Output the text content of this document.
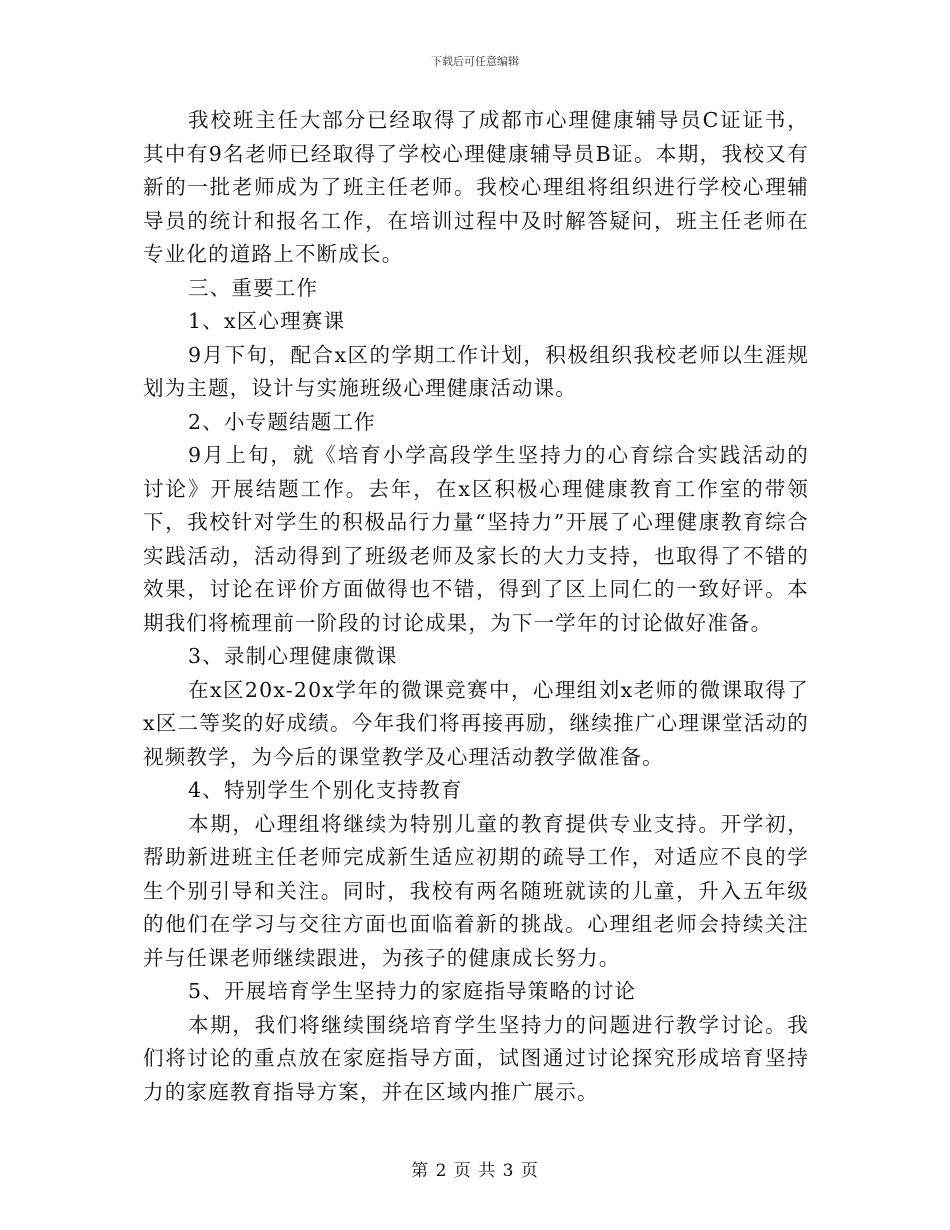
下载后可任意编辑

我校班主任大部分已经取得了成都市心理健康辅导员C证证书，其中有9名老师已经取得了学校心理健康辅导员B证。本期，我校又有新的一批老师成为了班主任老师。我校心理组将组织进行学校心理辅导员的统计和报名工作，在培训过程中及时解答疑问，班主任老师在专业化的道路上不断成长。

三、重要工作

1、x区心理赛课

9月下旬，配合x区的学期工作计划，积极组织我校老师以生涯规划为主题，设计与实施班级心理健康活动课。

2、小专题结题工作

9月上旬，就《培育小学高段学生坚持力的心育综合实践活动的讨论》开展结题工作。去年，在x区积极心理健康教育工作室的带领下，我校针对学生的积极品行力量“坚持力”开展了心理健康教育综合实践活动，活动得到了班级老师及家长的大力支持，也取得了不错的效果，讨论在评价方面做得也不错，得到了区上同仁的一致好评。本期我们将梳理前一阶段的讨论成果，为下一学年的讨论做好准备。

3、录制心理健康微课

在x区20x-20x学年的微课竞赛中，心理组刘x老师的微课取得了x区二等奖的好成绩。今年我们将再接再励，继续推广心理课堂活动的视频教学，为今后的课堂教学及心理活动教学做准备。

4、特别学生个别化支持教育

本期，心理组将继续为特别儿童的教育提供专业支持。开学初，帮助新进班主任老师完成新生适应初期的疏导工作，对适应不良的学生个别引导和关注。同时，我校有两名随班就读的儿童，升入五年级的他们在学习与交往方面也面临着新的挑战。心理组老师会持续关注并与任课老师继续跟进，为孩子的健康成长努力。

5、开展培育学生坚持力的家庭指导策略的讨论

本期，我们将继续围绕培育学生坚持力的问题进行教学讨论。我们将讨论的重点放在家庭指导方面，试图通过讨论探究形成培育坚持力的家庭教育指导方案，并在区域内推广展示。

第 2 页 共 3 页
